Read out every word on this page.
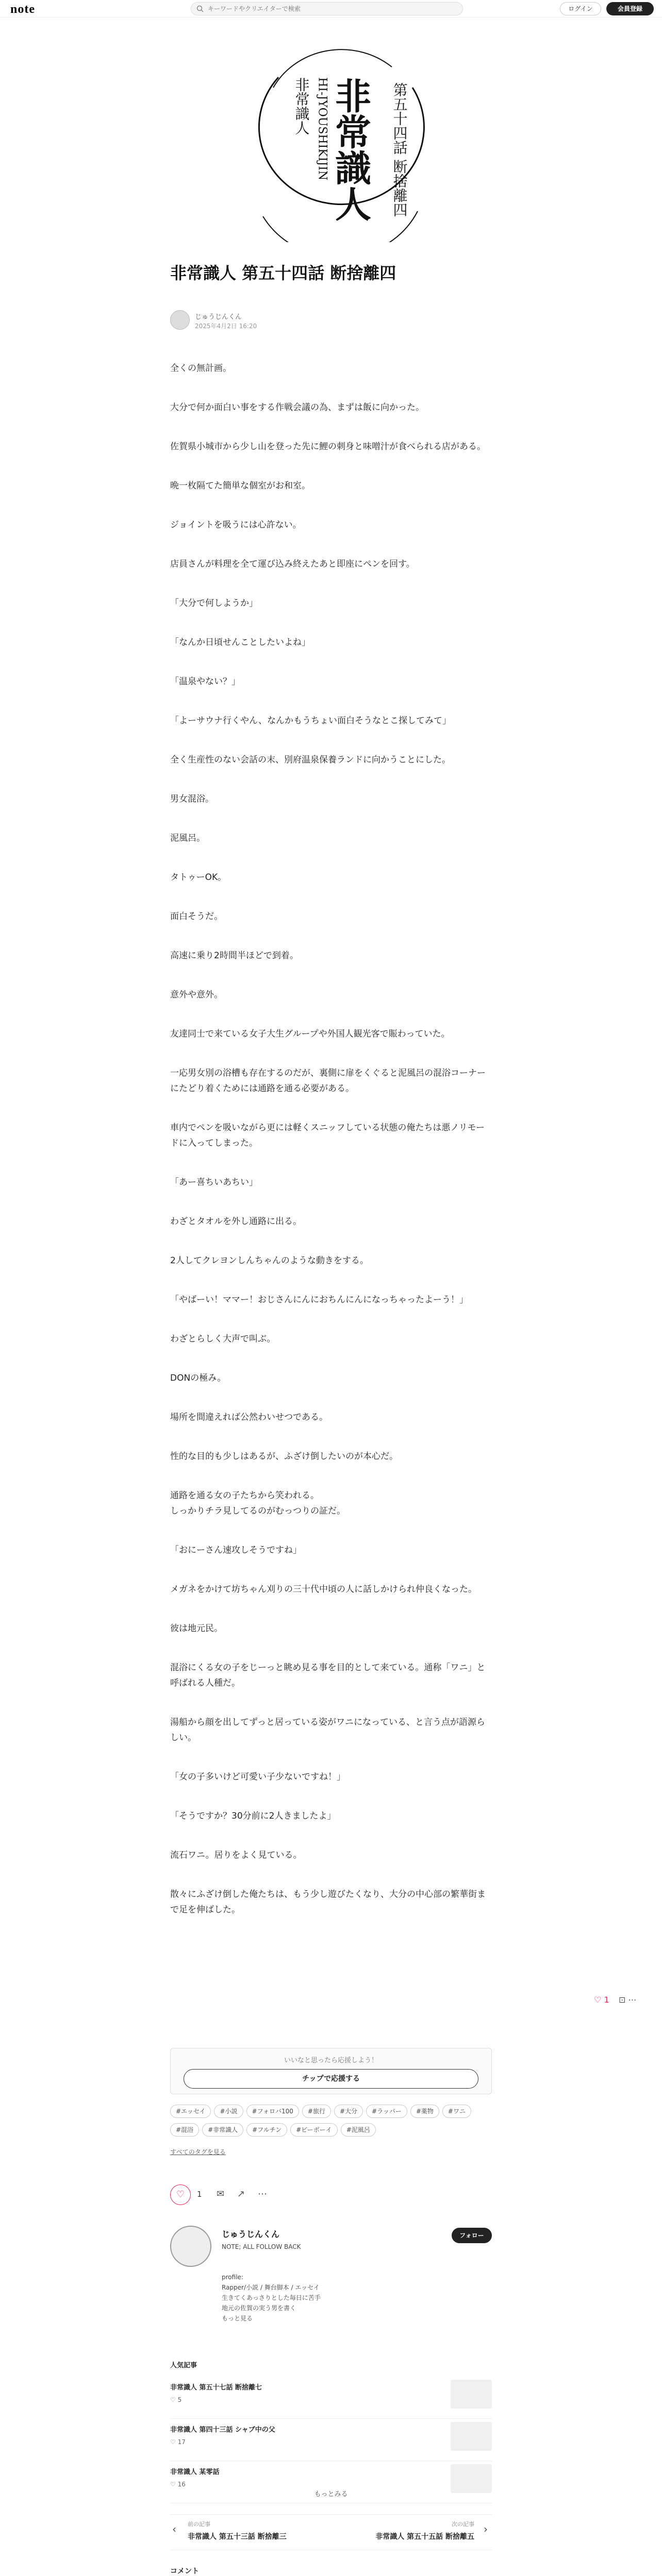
note
キーワードやクリエイターで検索	ログイン	会員登録
非常識人 第五十四話 断捨離四
非常識人 HI-JYOUSHIKIJIN
非常識人 第五十四話 断捨離四
じゅうじんくん
2025年4月2日 16:20

全くの無計画。

大分で何か面白い事をする作戦会議の為、まずは飯に向かった。

佐賀県小城市から少し山を登った先に鯉の刺身と味噌汁が食べられる店がある。

晩一枚隔てた簡単な個室がお和室。

ジョイントを吸うには心許ない。

店員さんが料理を全て運び込み終えたあと即座にペンを回す。

「大分で何しようか」

「なんか日頃せんことしたいよね」

「温泉やない？」

「よーサウナ行くやん、なんかもうちょい面白そうなとこ探してみて」

全く生産性のない会話の末、別府温泉保養ランドに向かうことにした。

男女混浴。

泥風呂。

タトゥーOK。

面白そうだ。

高速に乗り2時間半ほどで到着。

意外や意外。

友達同士で来ている女子大生グループや外国人観光客で賑わっていた。

一応男女別の浴槽も存在するのだが、裏側に扉をくぐると泥風呂の混浴コーナーにたどり着くためには通路を通る必要がある。

車内でペンを吸いながら更には軽くスニッフしている状態の俺たちは悪ノリモードに入ってしまった。

「あー喜ちいあちい」

わざとタオルを外し通路に出る。

2人してクレヨンしんちゃんのような動きをする。

「やばーい！ママー！おじさんにんにおちんにんになっちゃったよーう！」

わざとらしく大声で叫ぶ。

DONの極み。

場所を間違えれば公然わいせつである。

性的な目的も少しはあるが、ふざけ倒したいのが本心だ。

通路を通る女の子たちから笑われる。
しっかりチラ見してるのがむっつりの証だ。

「おにーさん速攻しそうですね」

メガネをかけて坊ちゃん刈りの三十代中頃の人に話しかけられ仲良くなった。

彼は地元民。

混浴にくる女の子をじーっと眺め見る事を目的として来ている。通称「ワニ」と呼ばれる人種だ。

湯船から顔を出してずっと居っている姿がワニになっている、と言う点が語源らしい。

「女の子多いけど可愛い子少ないですね！」

「そうですか？30分前に2人きましたよ」

流石ワニ。居りをよく見ている。

散々にふざけ倒した俺たちは、もう少し遊びたくなり、大分の中心部の繁華街まで足を伸ばした。

♡ 1 ⊡ ⋯
いいなと思ったら応援しよう！
チップで応援する
#エッセイ #小説 #フォロバ100 #旅行 #大分 #ラッパー #薬物 #ワニ#混浴 #非常識人 #フルチン #ビーポーイ #泥風呂
すべてのタグを見る
♡	1 ✉ ↗ ⋯
じゅうじんくん
NOTE; ALL FOLLOW BACK
フォロー
profile:
Rapper/小説 / 舞台脚本 / エッセイ
生きてくあっさりとした毎日に苦手
地元の佐賀の実う男を書く
もっと見る
人気記事
非常識人 第五十七話 断捨離七
♡ 5
非常識人 第四十三話 シャブ中の父
♡ 17
非常識人 某零話
♡ 16
もっとみる
‹ 前の記事
非常識人 第五十三話 断捨離三
次の記事
非常識人 第五十五話 断捨離五
›
コメント
